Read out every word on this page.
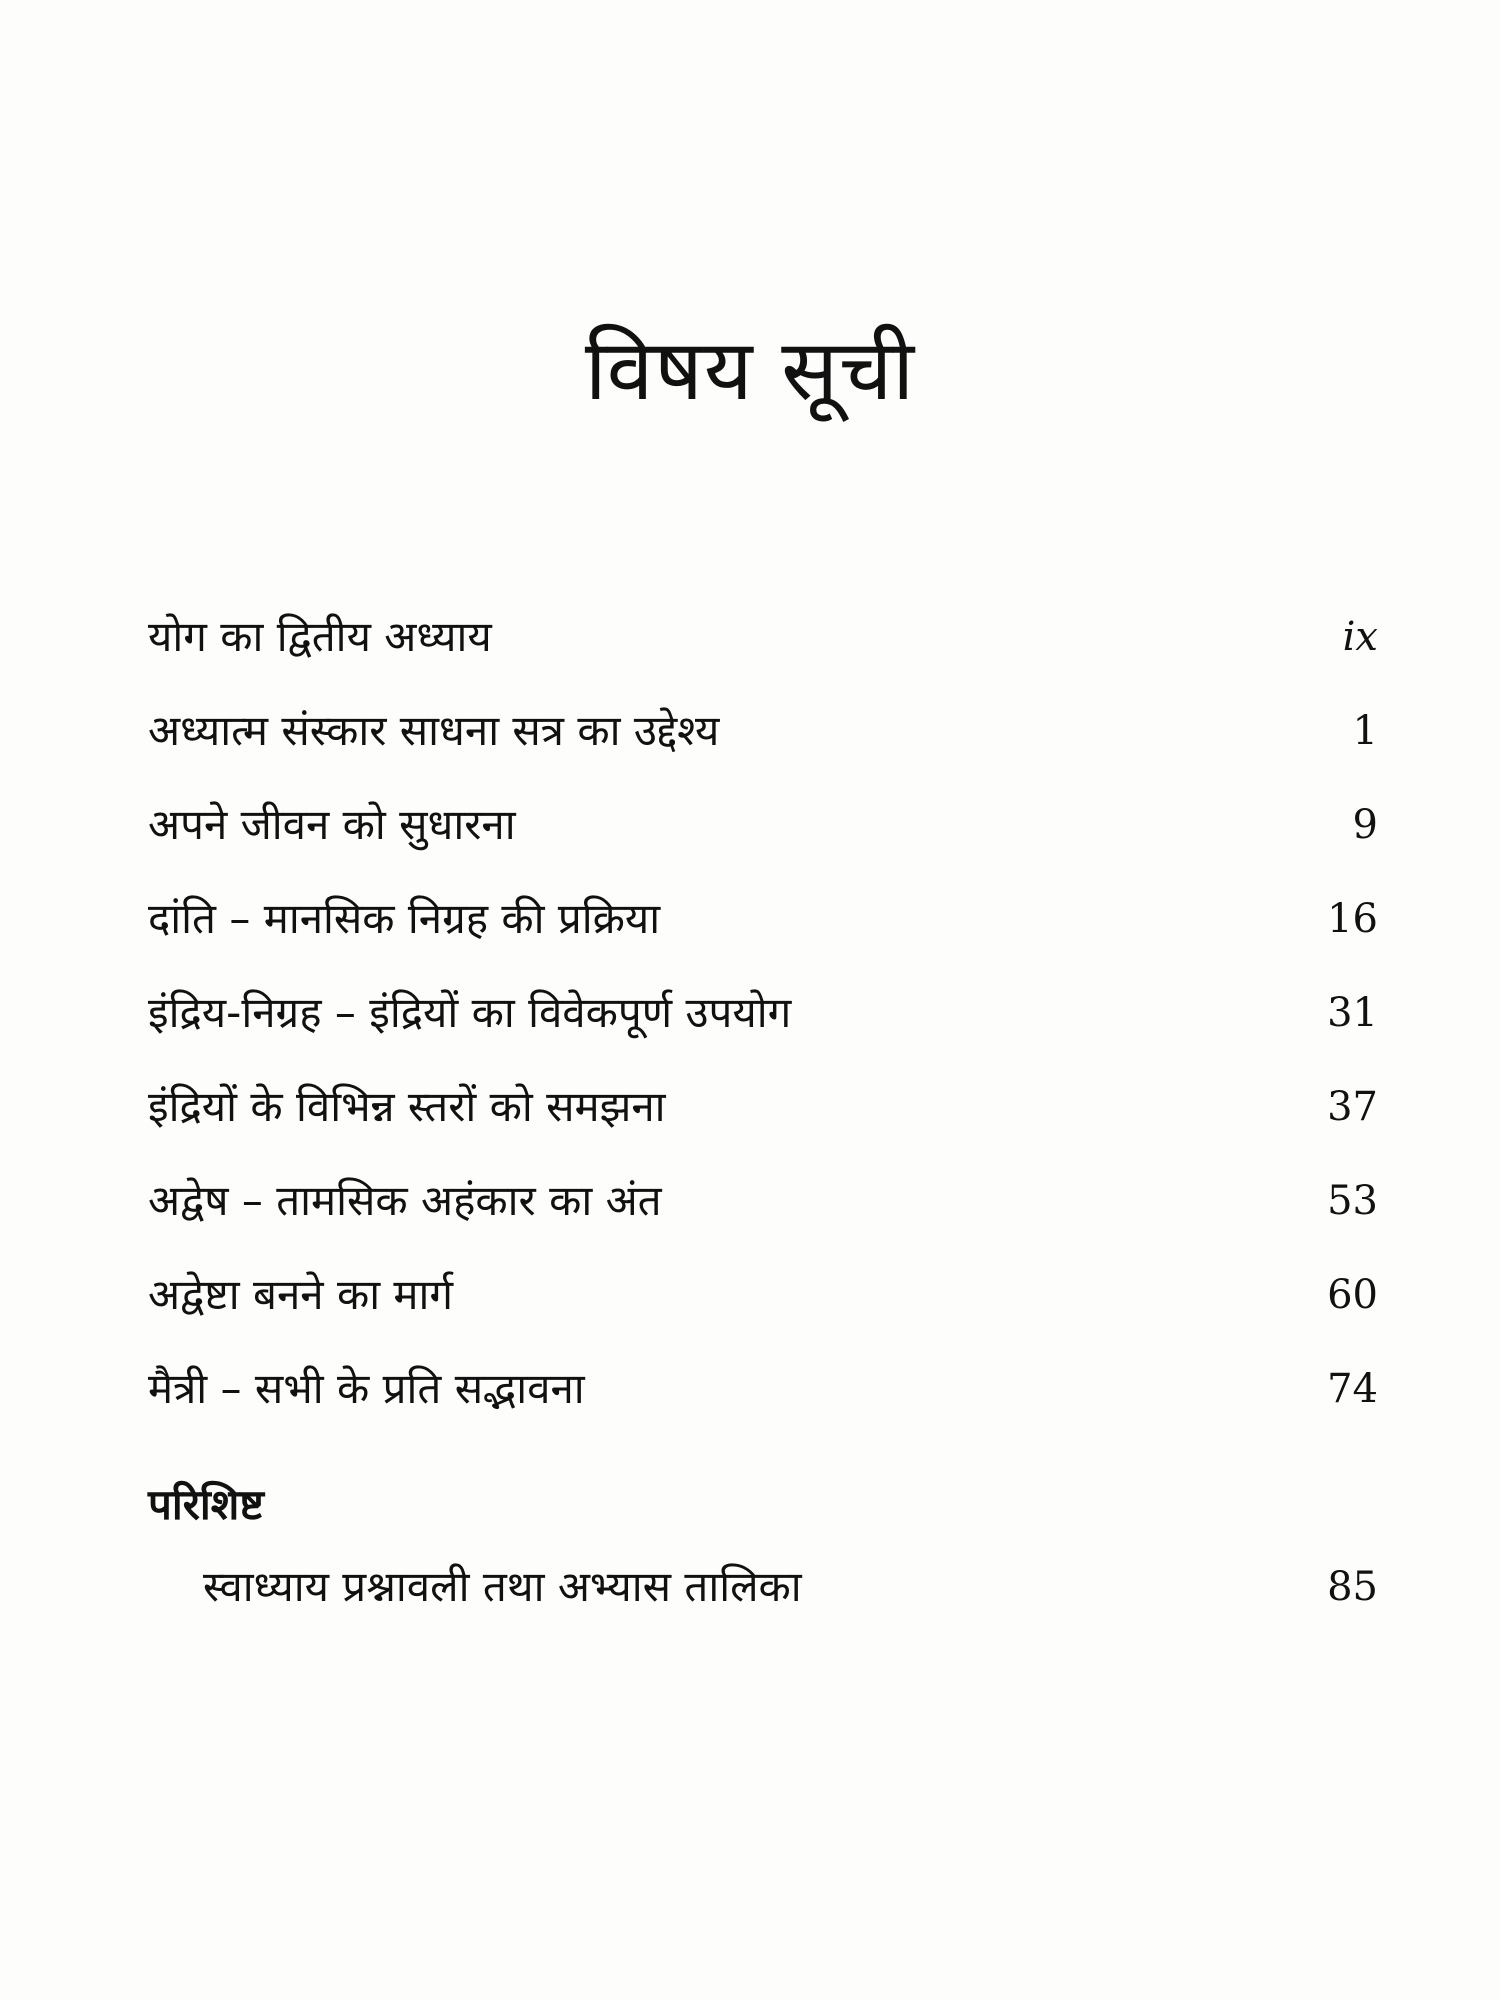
विषय सूची
योग का द्वितीय अध्याय	ix
अध्यात्म संस्कार साधना सत्र का उद्देश्य	1
अपने जीवन को सुधारना	9
दांति – मानसिक निग्रह की प्रक्रिया	16
इंद्रिय-निग्रह – इंद्रियों का विवेकपूर्ण उपयोग	31
इंद्रियों के विभिन्न स्तरों को समझना	37
अद्वेष – तामसिक अहंकार का अंत	53
अद्वेष्टा बनने का मार्ग	60
मैत्री – सभी के प्रति सद्भावना	74
परिशिष्ट
स्वाध्याय प्रश्नावली तथा अभ्यास तालिका	85
